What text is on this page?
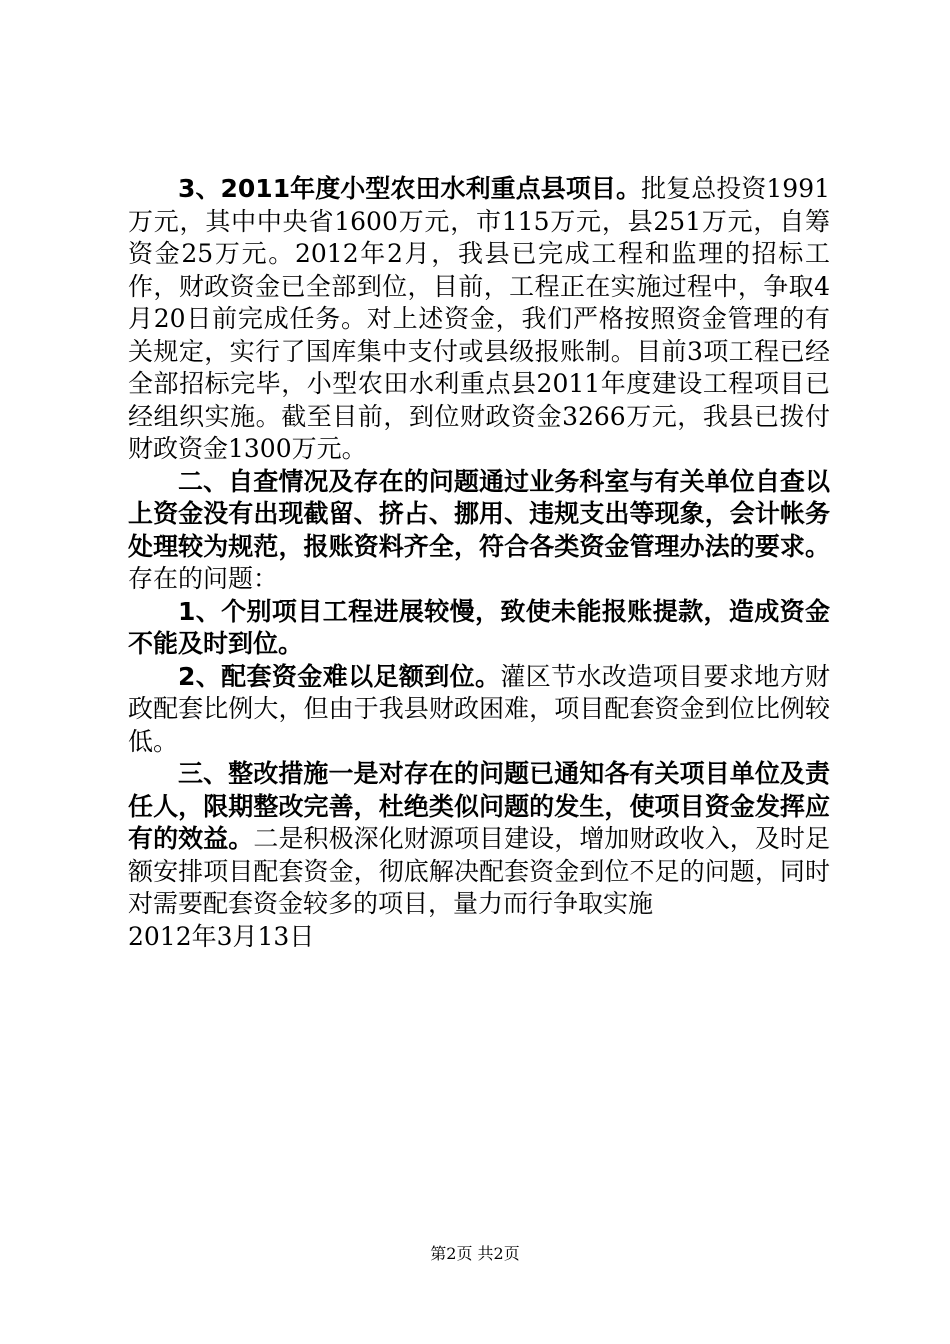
3、2011年度小型农田水利重点县项目。批复总投资1991万元，其中中央省1600万元，市115万元，县251万元，自筹资金25万元。2012年2月，我县已完成工程和监理的招标工作，财政资金已全部到位，目前，工程正在实施过程中，争取4月20日前完成任务。对上述资金，我们严格按照资金管理的有关规定，实行了国库集中支付或县级报账制。目前3项工程已经全部招标完毕，小型农田水利重点县2011年度建设工程项目已经组织实施。截至目前，到位财政资金3266万元，我县已拨付财政资金1300万元。

二、自查情况及存在的问题通过业务科室与有关单位自查以上资金没有出现截留、挤占、挪用、违规支出等现象，会计帐务处理较为规范，报账资料齐全，符合各类资金管理办法的要求。存在的问题：

1、个别项目工程进展较慢，致使未能报账提款，造成资金不能及时到位。

2、配套资金难以足额到位。灌区节水改造项目要求地方财政配套比例大，但由于我县财政困难，项目配套资金到位比例较低。

三、整改措施一是对存在的问题已通知各有关项目单位及责任人，限期整改完善，杜绝类似问题的发生，使项目资金发挥应有的效益。二是积极深化财源项目建设，增加财政收入，及时足额安排项目配套资金，彻底解决配套资金到位不足的问题，同时对需要配套资金较多的项目，量力而行争取实施

2012年3月13日

第2页 共2页
